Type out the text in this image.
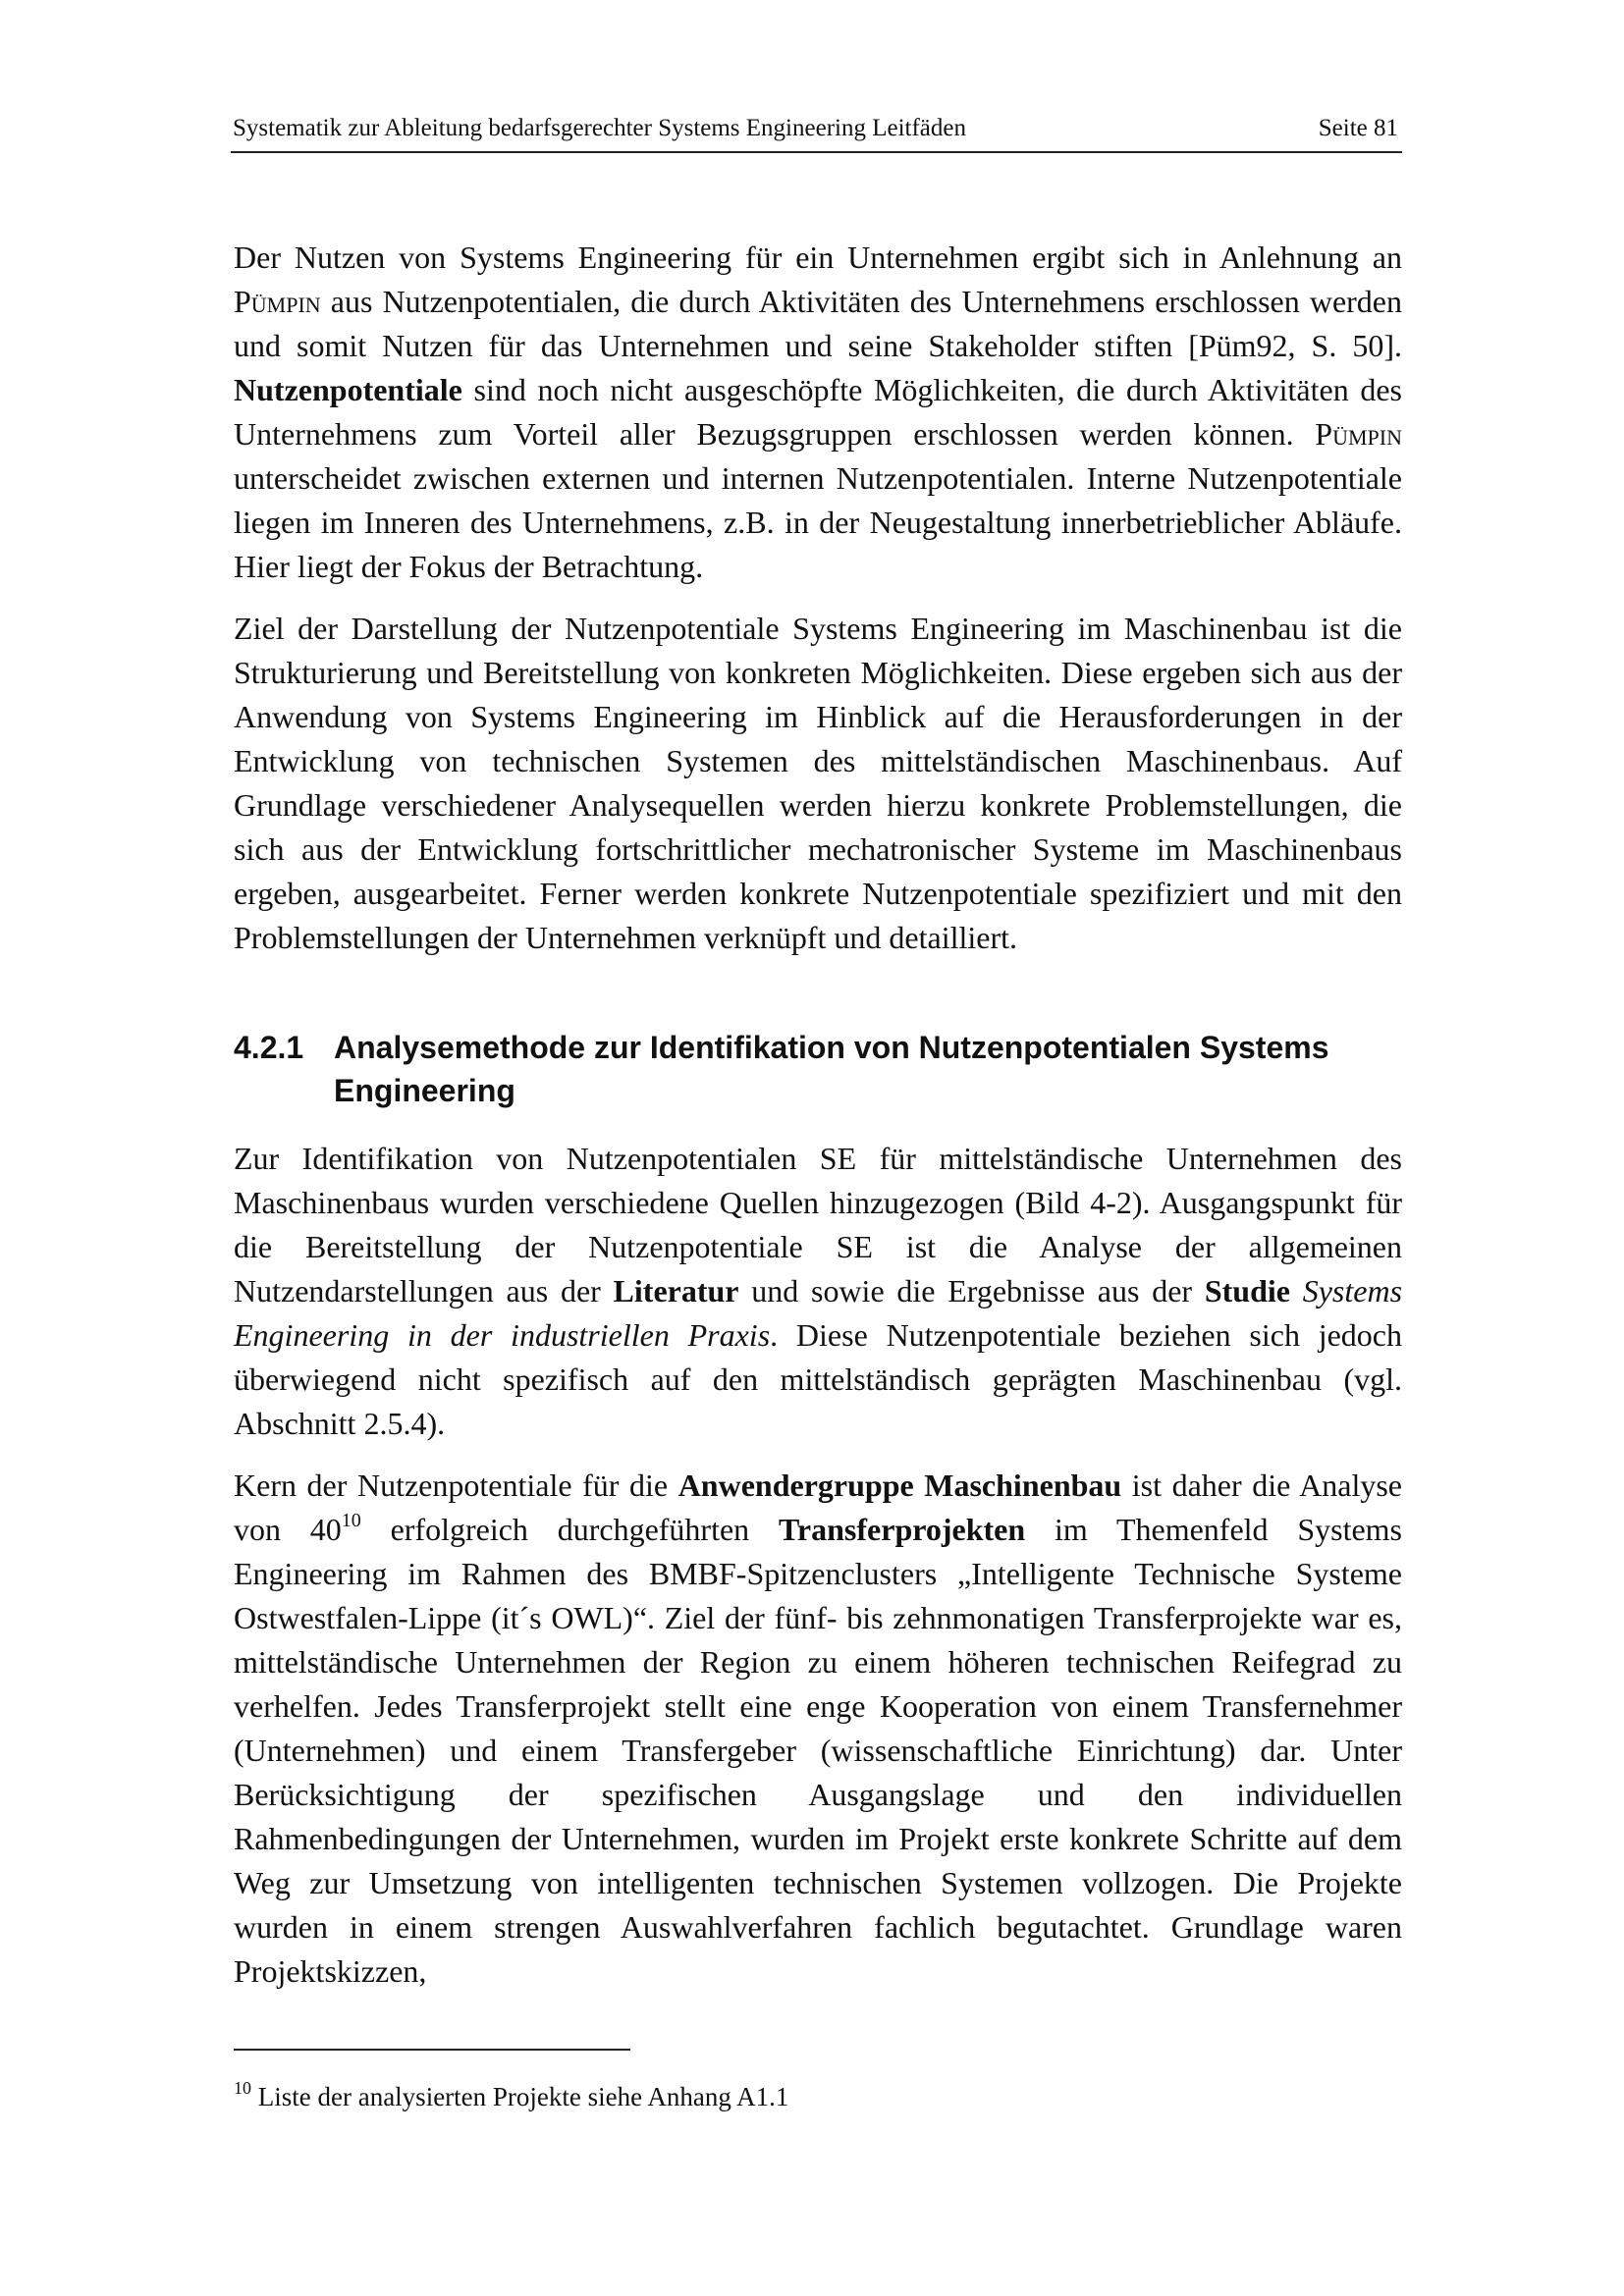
Systematik zur Ableitung bedarfsgerechter Systems Engineering Leitfäden	Seite 81

Der Nutzen von Systems Engineering für ein Unternehmen ergibt sich in Anlehnung an Pümpin aus Nutzenpotentialen, die durch Aktivitäten des Unternehmens erschlossen werden und somit Nutzen für das Unternehmen und seine Stakeholder stiften [Püm92, S. 50]. Nutzenpotentiale sind noch nicht ausgeschöpfte Möglichkeiten, die durch Aktivitäten des Unternehmens zum Vorteil aller Bezugsgruppen erschlossen werden können. Pümpin unterscheidet zwischen externen und internen Nutzenpotentialen. Interne Nutzenpotentiale liegen im Inneren des Unternehmens, z.B. in der Neugestaltung innerbetrieblicher Abläufe. Hier liegt der Fokus der Betrachtung.

Ziel der Darstellung der Nutzenpotentiale Systems Engineering im Maschinenbau ist die Strukturierung und Bereitstellung von konkreten Möglichkeiten. Diese ergeben sich aus der Anwendung von Systems Engineering im Hinblick auf die Herausforderungen in der Entwicklung von technischen Systemen des mittelständischen Maschinenbaus. Auf Grundlage verschiedener Analysequellen werden hierzu konkrete Problemstellungen, die sich aus der Entwicklung fortschrittlicher mechatronischer Systeme im Maschinenbaus ergeben, ausgearbeitet. Ferner werden konkrete Nutzenpotentiale spezifiziert und mit den Problemstellungen der Unternehmen verknüpft und detailliert.

4.2.1 Analysemethode zur Identifikation von Nutzenpotentialen Systems Engineering

Zur Identifikation von Nutzenpotentialen SE für mittelständische Unternehmen des Maschinenbaus wurden verschiedene Quellen hinzugezogen (Bild 4-2). Ausgangspunkt für die Bereitstellung der Nutzenpotentiale SE ist die Analyse der allgemeinen Nutzendarstellungen aus der Literatur und sowie die Ergebnisse aus der Studie Systems Engineering in der industriellen Praxis. Diese Nutzenpotentiale beziehen sich jedoch überwiegend nicht spezifisch auf den mittelständisch geprägten Maschinenbau (vgl. Abschnitt 2.5.4).

Kern der Nutzenpotentiale für die Anwendergruppe Maschinenbau ist daher die Analyse von $40^{10}$ erfolgreich durchgeführten Transferprojekten im Themenfeld Systems Engineering im Rahmen des BMBF-Spitzenclusters „Intelligente Technische Systeme Ostwestfalen-Lippe (it´s OWL)“. Ziel der fünf- bis zehnmonatigen Transferprojekte war es, mittelständische Unternehmen der Region zu einem höheren technischen Reifegrad zu verhelfen. Jedes Transferprojekt stellt eine enge Kooperation von einem Transfernehmer (Unternehmen) und einem Transfergeber (wissenschaftliche Einrichtung) dar. Unter Berücksichtigung der spezifischen Ausgangslage und den individuellen Rahmenbedingungen der Unternehmen, wurden im Projekt erste konkrete Schritte auf dem Weg zur Umsetzung von intelligenten technischen Systemen vollzogen. Die Projekte wurden in einem strengen Auswahlverfahren fachlich begutachtet. Grundlage waren Projektskizzen,

$^{10}$ Liste der analysierten Projekte siehe Anhang A1.1
